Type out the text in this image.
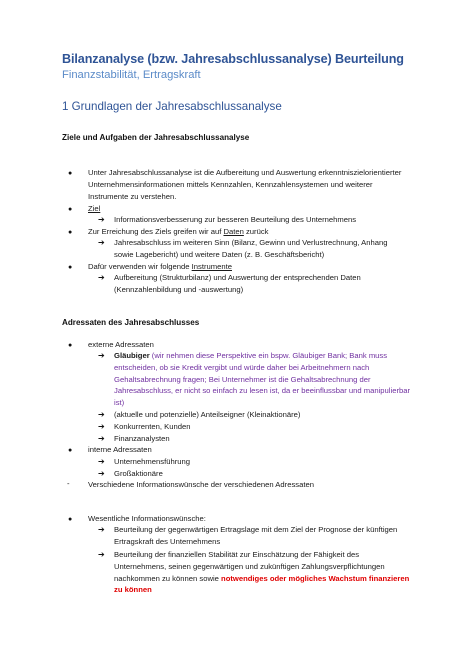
Bilanzanalyse (bzw. Jahresabschlussanalyse) Beurteilung
Finanzstabilität, Ertragskraft
1 Grundlagen der Jahresabschlussanalyse
Ziele und Aufgaben der Jahresabschlussanalyse
● Unter Jahresabschlussanalyse ist die Aufbereitung und Auswertung erkenntniszielorientierter
Unternehmensinformationen mittels Kennzahlen, Kennzahlensystemen und weiterer
Instrumente zu verstehen.
● Ziel
➔ Informationsverbesserung zur besseren Beurteilung des Unternehmens
● Zur Erreichung des Ziels greifen wir auf Daten zurück
➔ Jahresabschluss im weiteren Sinn (Bilanz, Gewinn und Verlustrechnung, Anhang
sowie Lagebericht) und weitere Daten (z. B. Geschäftsbericht)
● Dafür verwenden wir folgende Instrumente
➔ Aufbereitung (Strukturbilanz) und Auswertung der entsprechenden Daten
(Kennzahlenbildung und -auswertung)
Adressaten des Jahresabschlusses
● externe Adressaten
➔ Gläubiger (wir nehmen diese Perspektive ein bspw. Gläubiger Bank; Bank muss
entscheiden, ob sie Kredit vergibt und würde daher bei Arbeitnehmern nach
Gehaltsabrechnung fragen; Bei Unternehmer ist die Gehaltsabrechnung der
Jahresabschluss, er nicht so einfach zu lesen ist, da er beeinflussbar und manipulierbar
ist)
➔ (aktuelle und potenzielle) Anteilseigner (Kleinaktionäre)
➔ Konkurrenten, Kunden
➔ Finanzanalysten
● interne Adressaten
➔ Unternehmensführung
➔ Großaktionäre
- Verschiedene Informationswünsche der verschiedenen Adressaten
● Wesentliche Informationswünsche:
➔ Beurteilung der gegenwärtigen Ertragslage mit dem Ziel der Prognose der künftigen
Ertragskraft des Unternehmens
➔ Beurteilung der finanziellen Stabilität zur Einschätzung der Fähigkeit des
Unternehmens, seinen gegenwärtigen und zukünftigen Zahlungsverpflichtungen
nachkommen zu können sowie notwendiges oder mögliches Wachstum finanzieren
zu können
